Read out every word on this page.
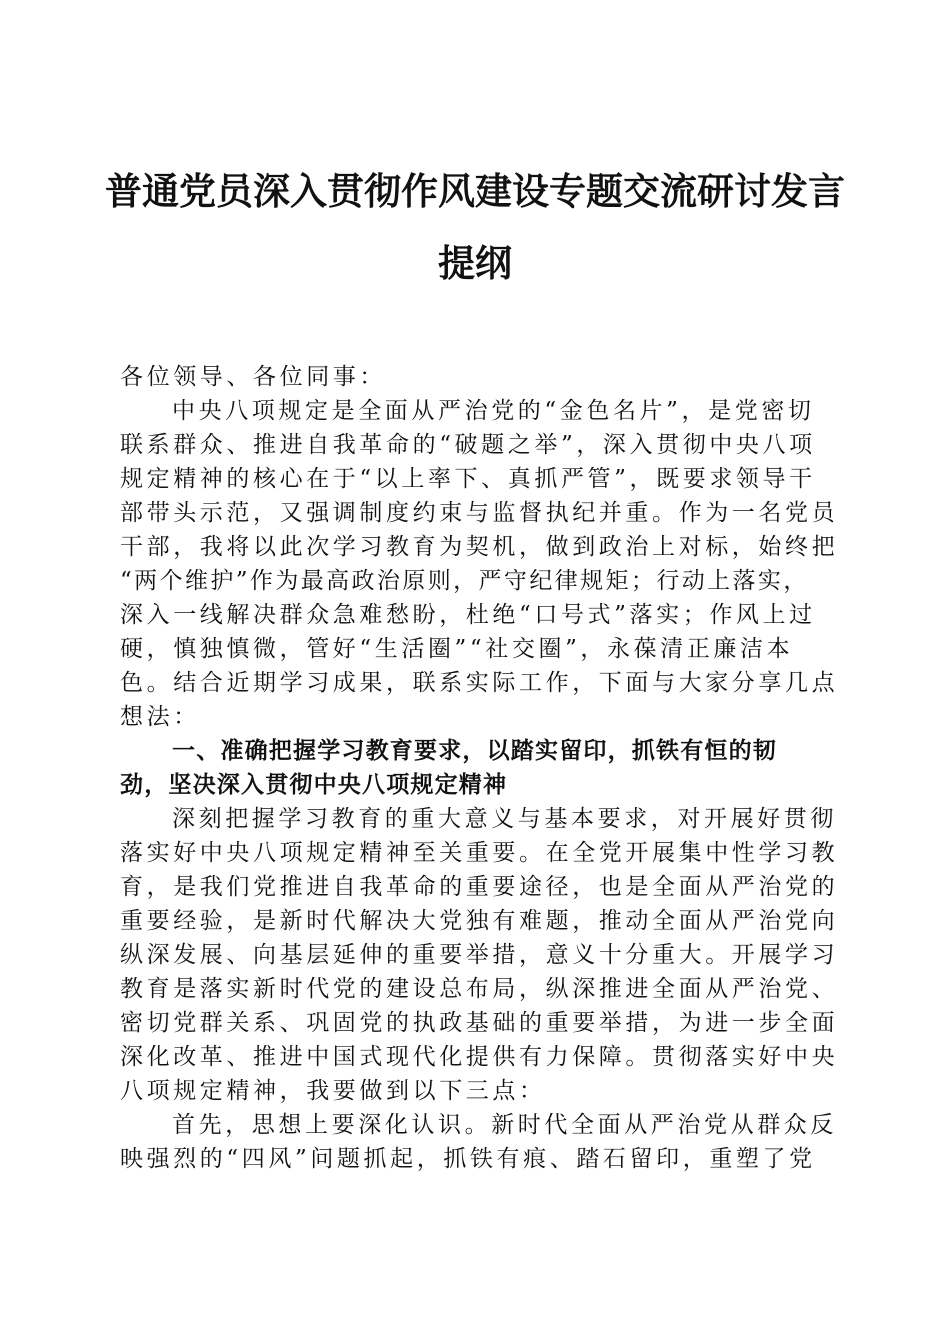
普通党员深入贯彻作风建设专题交流研讨发言
提纲
各位领导、各位同事：
中央八项规定是全面从严治党的“金色名片”，是党密切
联系群众、推进自我革命的“破题之举”，深入贯彻中央八项
规定精神的核心在于“以上率下、真抓严管”，既要求领导干
部带头示范，又强调制度约束与监督执纪并重。作为一名党员
干部，我将以此次学习教育为契机，做到政治上对标，始终把
“两个维护”作为最高政治原则，严守纪律规矩；行动上落实，
深入一线解决群众急难愁盼，杜绝“口号式”落实；作风上过
硬，慎独慎微，管好“生活圈”“社交圈”，永葆清正廉洁本
色。结合近期学习成果，联系实际工作，下面与大家分享几点
想法：
一、准确把握学习教育要求，以踏实留印，抓铁有恒的韧
劲，坚决深入贯彻中央八项规定精神
深刻把握学习教育的重大意义与基本要求，对开展好贯彻
落实好中央八项规定精神至关重要。在全党开展集中性学习教
育，是我们党推进自我革命的重要途径，也是全面从严治党的
重要经验，是新时代解决大党独有难题，推动全面从严治党向
纵深发展、向基层延伸的重要举措，意义十分重大。开展学习
教育是落实新时代党的建设总布局，纵深推进全面从严治党、
密切党群关系、巩固党的执政基础的重要举措，为进一步全面
深化改革、推进中国式现代化提供有力保障。贯彻落实好中央
八项规定精神，我要做到以下三点：
首先，思想上要深化认识。新时代全面从严治党从群众反
映强烈的“四风”问题抓起，抓铁有痕、踏石留印，重塑了党
